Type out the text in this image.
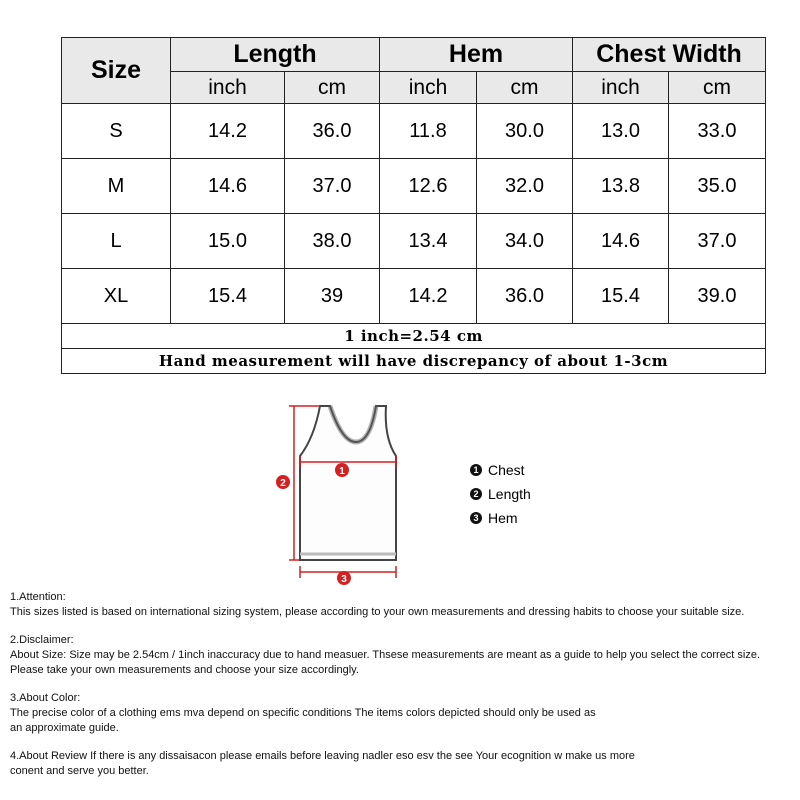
Size	Length		Hem		Chest Width	
	inch	cm	inch	cm	inch	cm
S	14.2	36.0	11.8	30.0	13.0	33.0
M	14.6	37.0	12.6	32.0	13.8	35.0
L	15.0	38.0	13.4	34.0	14.6	37.0
XL	15.4	39	14.2	36.0	15.4	39.0
1 inch=2.54 cm						
Hand measurement will have discrepancy of about 1-3cm						
1
2
3
1 Chest
2 Length
3 Hem

1.Attention:

This sizes listed is based on international sizing system, please according to your own measurements and dressing habits to choose your suitable size.

2.Disclaimer:

About Size: Size may be 2.54cm / 1inch inaccuracy due to hand measuer. Thsese measurements are meant as a guide to help you select the correct size.

Please take your own measurements and choose your size accordingly.

3.About Color:

The precise color of a clothing ems mva depend on specific conditions The items colors depicted should only be used as

an approximate guide.

4.About Review If there is any dissaisacon please emails before leaving nadler eso esv the see Your ecognition w make us more

conent and serve you better.
